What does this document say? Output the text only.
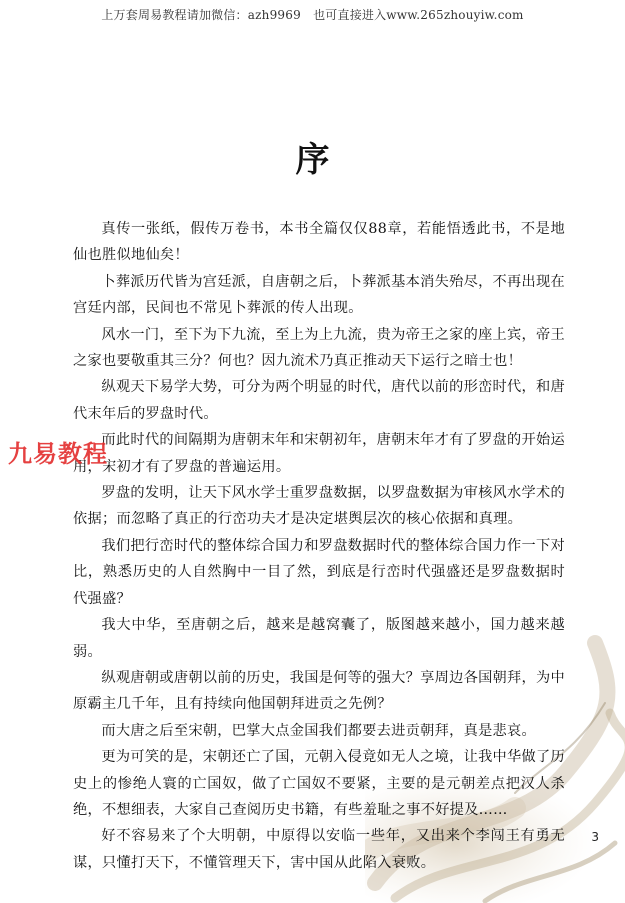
上万套周易教程请加微信：azh9969　也可直接进入www.265zhouyiw.com
序

真传一张纸，假传万卷书，本书全篇仅仅88章，若能悟透此书，不是地仙也胜似地仙矣！

卜葬派历代皆为宫廷派，自唐朝之后，卜葬派基本消失殆尽，不再出现在宫廷内部，民间也不常见卜葬派的传人出现。

风水一门，至下为下九流，至上为上九流，贵为帝王之家的座上宾，帝王之家也要敬重其三分？何也？因九流术乃真正推动天下运行之暗士也！

纵观天下易学大势，可分为两个明显的时代，唐代以前的形峦时代，和唐代末年后的罗盘时代。

而此时代的间隔期为唐朝末年和宋朝初年，唐朝末年才有了罗盘的开始运用，宋初才有了罗盘的普遍运用。

罗盘的发明，让天下风水学士重罗盘数据，以罗盘数据为审核风水学术的依据；而忽略了真正的行峦功夫才是决定堪舆层次的核心依据和真理。

我们把行峦时代的整体综合国力和罗盘数据时代的整体综合国力作一下对比，熟悉历史的人自然胸中一目了然，到底是行峦时代强盛还是罗盘数据时代强盛？

我大中华，至唐朝之后，越来是越窝囊了，版图越来越小，国力越来越弱。

纵观唐朝或唐朝以前的历史，我国是何等的强大？享周边各国朝拜，为中原霸主几千年，且有持续向他国朝拜进贡之先例？

而大唐之后至宋朝，巴掌大点金国我们都要去进贡朝拜，真是悲哀。

更为可笑的是，宋朝还亡了国，元朝入侵竟如无人之境，让我中华做了历史上的惨绝人寰的亡国奴，做了亡国奴不要紧，主要的是元朝差点把汉人杀绝，不想细表，大家自己查阅历史书籍，有些羞耻之事不好提及……

好不容易来了个大明朝，中原得以安临一些年，又出来个李闯王有勇无谋，只懂打天下，不懂管理天下，害中国从此陷入衰败。

九易教程
3
